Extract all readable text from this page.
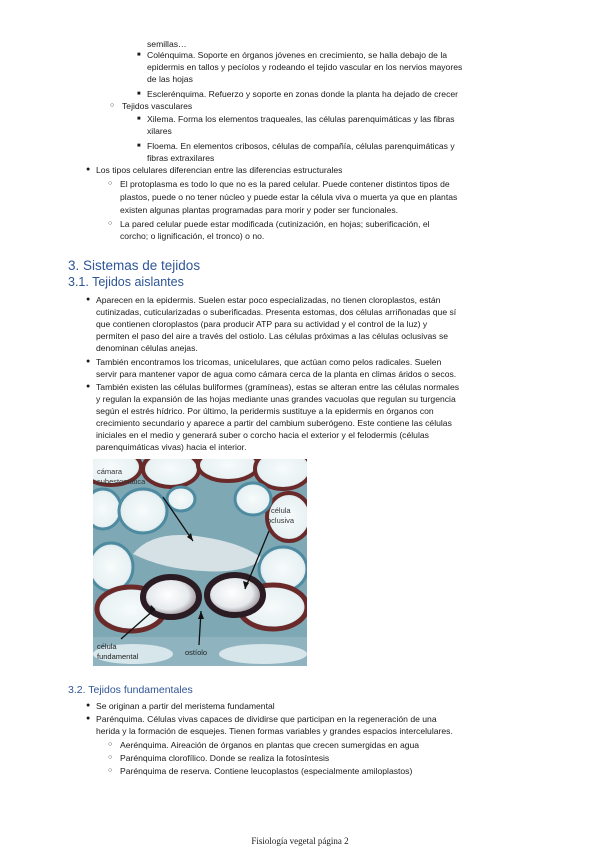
semillas…
■ Colénquima. Soporte en órganos jóvenes en crecimiento, se halla debajo de la
epidermis en tallos y pecíolos y rodeando el tejido vascular en los nervios mayores
de las hojas
■ Esclerénquima. Refuerzo y soporte en zonas donde la planta ha dejado de crecer
○ Tejidos vasculares
■ Xilema. Forma los elementos traqueales, las células parenquimáticas y las fibras
xilares
■ Floema. En elementos cribosos, células de compañía, células parenquimáticas y
fibras extraxilares
● Los tipos celulares diferencian entre las diferencias estructurales
○ El protoplasma es todo lo que no es la pared celular. Puede contener distintos tipos de
plastos, puede o no tener núcleo y puede estar la célula viva o muerta ya que en plantas
existen algunas plantas programadas para morir y poder ser funcionales.
○ La pared celular puede estar modificada (cutinización, en hojas; suberificación, el
corcho; o lignificación, el tronco) o no.
3. Sistemas de tejidos
3.1. Tejidos aislantes
● Aparecen en la epidermis. Suelen estar poco especializadas, no tienen cloroplastos, están
cutinizadas, cuticularizadas o suberificadas. Presenta estomas, dos células arriñonadas que sí
que contienen cloroplastos (para producir ATP para su actividad y el control de la luz) y
permiten el paso del aire a través del ostiolo. Las células próximas a las células oclusivas se
denominan células anejas.
● También encontramos los tricomas, unicelulares, que actúan como pelos radicales. Suelen
servir para mantener vapor de agua como cámara cerca de la planta en climas áridos o secos.
● También existen las células buliformes (gramíneas), estas se alteran entre las células normales
y regulan la expansión de las hojas mediante unas grandes vacuolas que regulan su turgencia
según el estrés hídrico. Por último, la peridermis sustituye a la epidermis en órganos con
crecimiento secundario y aparece a partir del cambium suberógeno. Este contiene las células
iniciales en el medio y generará suber o corcho hacia el exterior y el felodermis (células
parenquimáticas vivas) hacia el interior.
cámara
subestomática
célula
oclusiva
célula
fundamental	ostíolo
3.2. Tejidos fundamentales
● Se originan a partir del meristema fundamental
● Parénquima. Células vivas capaces de dividirse que participan en la regeneración de una
herida y la formación de esquejes. Tienen formas variables y grandes espacios intercelulares.
○ Aerénquima. Aireación de órganos en plantas que crecen sumergidas en agua
○ Parénquima clorofílico. Donde se realiza la fotosíntesis
○ Parénquima de reserva. Contiene leucoplastos (especialmente amiloplastos)
Fisiología vegetal página 2
